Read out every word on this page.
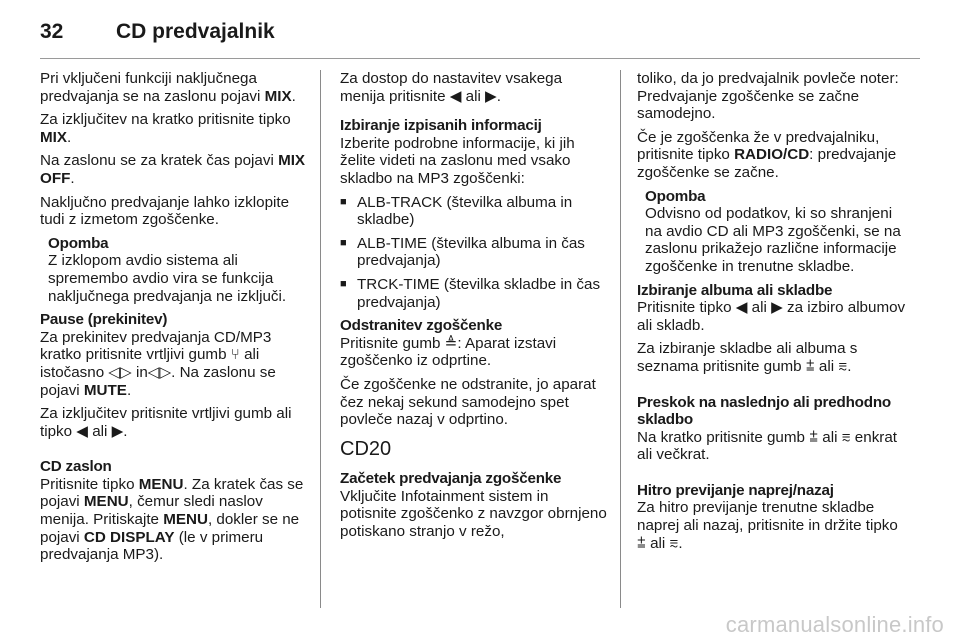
32	CD predvajalnik

Pri vključeni funkciji naključnega predvajanja se na zaslonu pojavi MIX.

Za izključitev na kratko pritisnite tipko MIX.

Na zaslonu se za kratek čas pojavi MIX OFF.

Naključno predvajanje lahko izklopite tudi z izmetom zgoščenke.

Opomba
Z izklopom avdio sistema ali spremembo avdio vira se funkcija naključnega predvajanja ne izključi.
Pause (prekinitev)

Za prekinitev predvajanja CD/MP3 kratko pritisnite vrtljivi gumb ⑂ ali istočasno ◁▷ in◁▷. Na zaslonu se pojavi MUTE.

Za izključitev pritisnite vrtljivi gumb ali tipko ◀ ali ▶.

CD zaslon

Pritisnite tipko MENU. Za kratek čas se pojavi MENU, čemur sledi naslov menija. Pritiskajte MENU, dokler se ne pojavi CD DISPLAY (le v primeru predvajanja MP3).

Za dostop do nastavitev vsakega menija pritisnite ◀ ali ▶.

Izbiranje izpisanih informacij

Izberite podrobne informacije, ki jih želite videti na zaslonu med vsako skladbo na MP3 zgoščenki:

■ ALB-TRACK (številka albuma in skladbe)
■ ALB-TIME (številka albuma in čas predvajanja)
■ TRCK-TIME (številka skladbe in čas predvajanja)
Odstranitev zgoščenke

Pritisnite gumb ≜: Aparat izstavi zgoščenko iz odprtine.

Če zgoščenke ne odstranite, jo aparat čez nekaj sekund samodejno spet povleče nazaj v odprtino.

CD20
Začetek predvajanja zgoščenke

Vključite Infotainment sistem in potisnite zgoščenko z navzgor obrnjeno potiskano stranjo v režo,

toliko, da jo predvajalnik povleče noter: Predvajanje zgoščenke se začne samodejno.

Če je zgoščenka že v predvajalniku, pritisnite tipko RADIO/CD: predvajanje zgoščenke se začne.

Opomba
Odvisno od podatkov, ki so shranjeni na avdio CD ali MP3 zgoščenki, se na zaslonu prikažejo različne informacije zgoščenke in trenutne skladbe.
Izbiranje albuma ali skladbe

Pritisnite tipko ◀ ali ▶ za izbiro albumov ali skladb.

Za izbiranje skladbe ali albuma s seznama pritisnite gumb ⩲ ali ⩳.

Preskok na naslednjo ali predhodno skladbo

Na kratko pritisnite gumb ⩲ ali ⩳ enkrat ali večkrat.

Hitro previjanje naprej/nazaj

Za hitro previjanje trenutne skladbe naprej ali nazaj, pritisnite in držite tipko ⩲ ali ⩳.

carmanualsonline.info
